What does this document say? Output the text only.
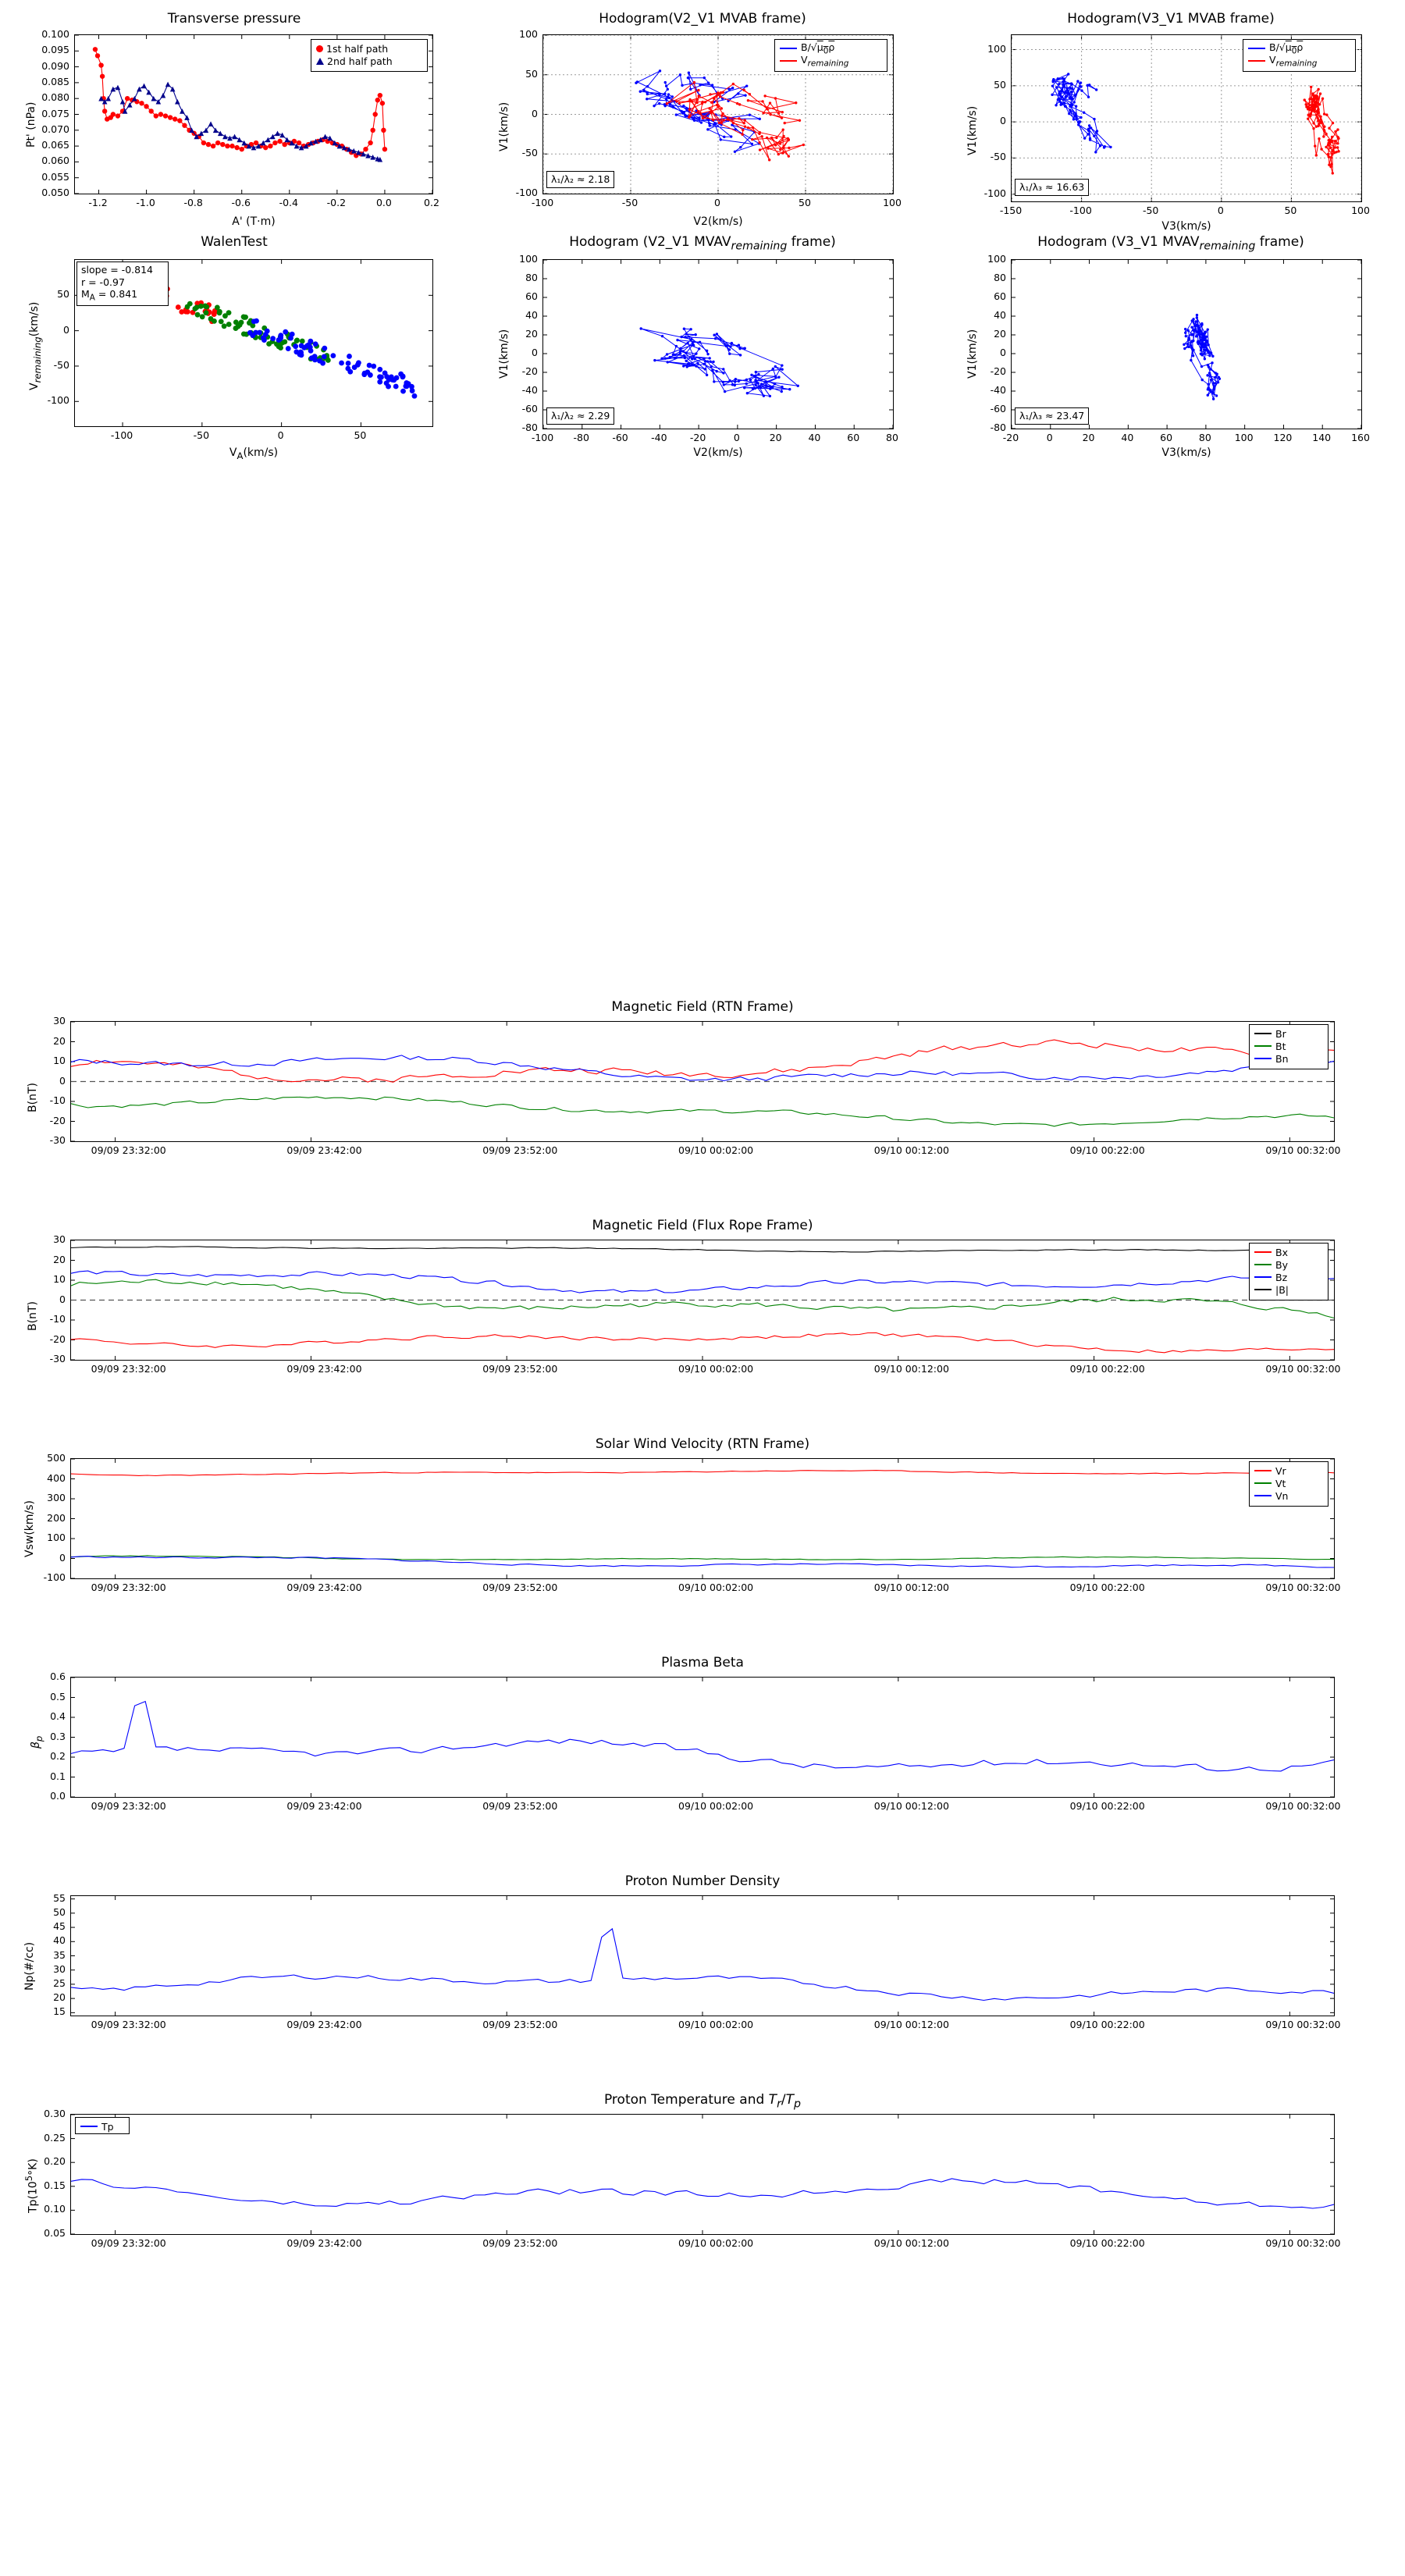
Transverse pressure
Pt' (nPa)
A' (T·m)
1st half path
2nd half path
-1.2	-1.0	-0.8	-0.6	-0.4	-0.2	0.0	0.2
0.050
0.055
0.060
0.065
0.070
0.075
0.080
0.085
0.090
0.095
0.100
Hodogram(V2_V1 MVAB frame)
V1(km/s)
V2(km/s)
$B/√\mu_0\rho$
$V_{remaining}$
λ₁/λ₂ ≈ 2.18
-100	-50	0	50	100
-100
-50
0
50
100
Hodogram(V3_V1 MVAB frame)
V1(km/s)
V3(km/s)
$B/√\mu_0\rho$
$V_{remaining}$
λ₁/λ₃ ≈ 16.63
-150	-100	-50	0	50	100
-100
-50
0
50
100
WalenTest
$V_{remaining}(km/s)$
$V_A(km/s)$
slope = -0.814
r = -0.97
$M_A = 0.841$
-100	-50	0	50
-100
-50
0
50
Hodogram (V2_V1 $MVAV_{remaining}$ frame)
V1(km/s)
V2(km/s)
λ₁/λ₂ ≈ 2.29
-100	-80	-60	-40	-20	0	20	40	60	80
-80
-60
-40
-20
0
20
40
60
80
100
Hodogram (V3_V1 $MVAV_{remaining}$ frame)
V1(km/s)
V3(km/s)
λ₁/λ₃ ≈ 23.47
-20	0	20	40	60	80	100	120	140	160
-80
-60
-40
-20
0
20
40
60
80
100
Magnetic Field (RTN Frame)
B(nT)
Br
Bt
Bn
09/09 23:32:00	09/09 23:42:00	09/09 23:52:00	09/10 00:02:00	09/10 00:12:00	09/10 00:22:00	09/10 00:32:00
-30
-20
-10
0
10
20
30
Magnetic Field (Flux Rope Frame)
B(nT)
Bx
By
Bz
|B|
09/09 23:32:00	09/09 23:42:00	09/09 23:52:00	09/10 00:02:00	09/10 00:12:00	09/10 00:22:00	09/10 00:32:00
-30
-20
-10
0
10
20
30
Solar Wind Velocity (RTN Frame)
Vsw(km/s)
Vr
Vt
Vn
09/09 23:32:00	09/09 23:42:00	09/09 23:52:00	09/10 00:02:00	09/10 00:12:00	09/10 00:22:00	09/10 00:32:00
-100
0
100
200
300
400
500
Plasma Beta
$\beta_p$
09/09 23:32:00	09/09 23:42:00	09/09 23:52:00	09/10 00:02:00	09/10 00:12:00	09/10 00:22:00	09/10 00:32:00
0.0
0.1
0.2
0.3
0.4
0.5
0.6
Proton Number Density
Np(#/cc)
09/09 23:32:00	09/09 23:42:00	09/09 23:52:00	09/10 00:02:00	09/10 00:12:00	09/10 00:22:00	09/10 00:32:00
15
20
25
30
35
40
45
50
55
Proton Temperature and $T_r/T_p$
$Tp(10^5^\circ K)$
Tp
09/09 23:32:00	09/09 23:42:00	09/09 23:52:00	09/10 00:02:00	09/10 00:12:00	09/10 00:22:00	09/10 00:32:00
0.05
0.10
0.15
0.20
0.25
0.30
